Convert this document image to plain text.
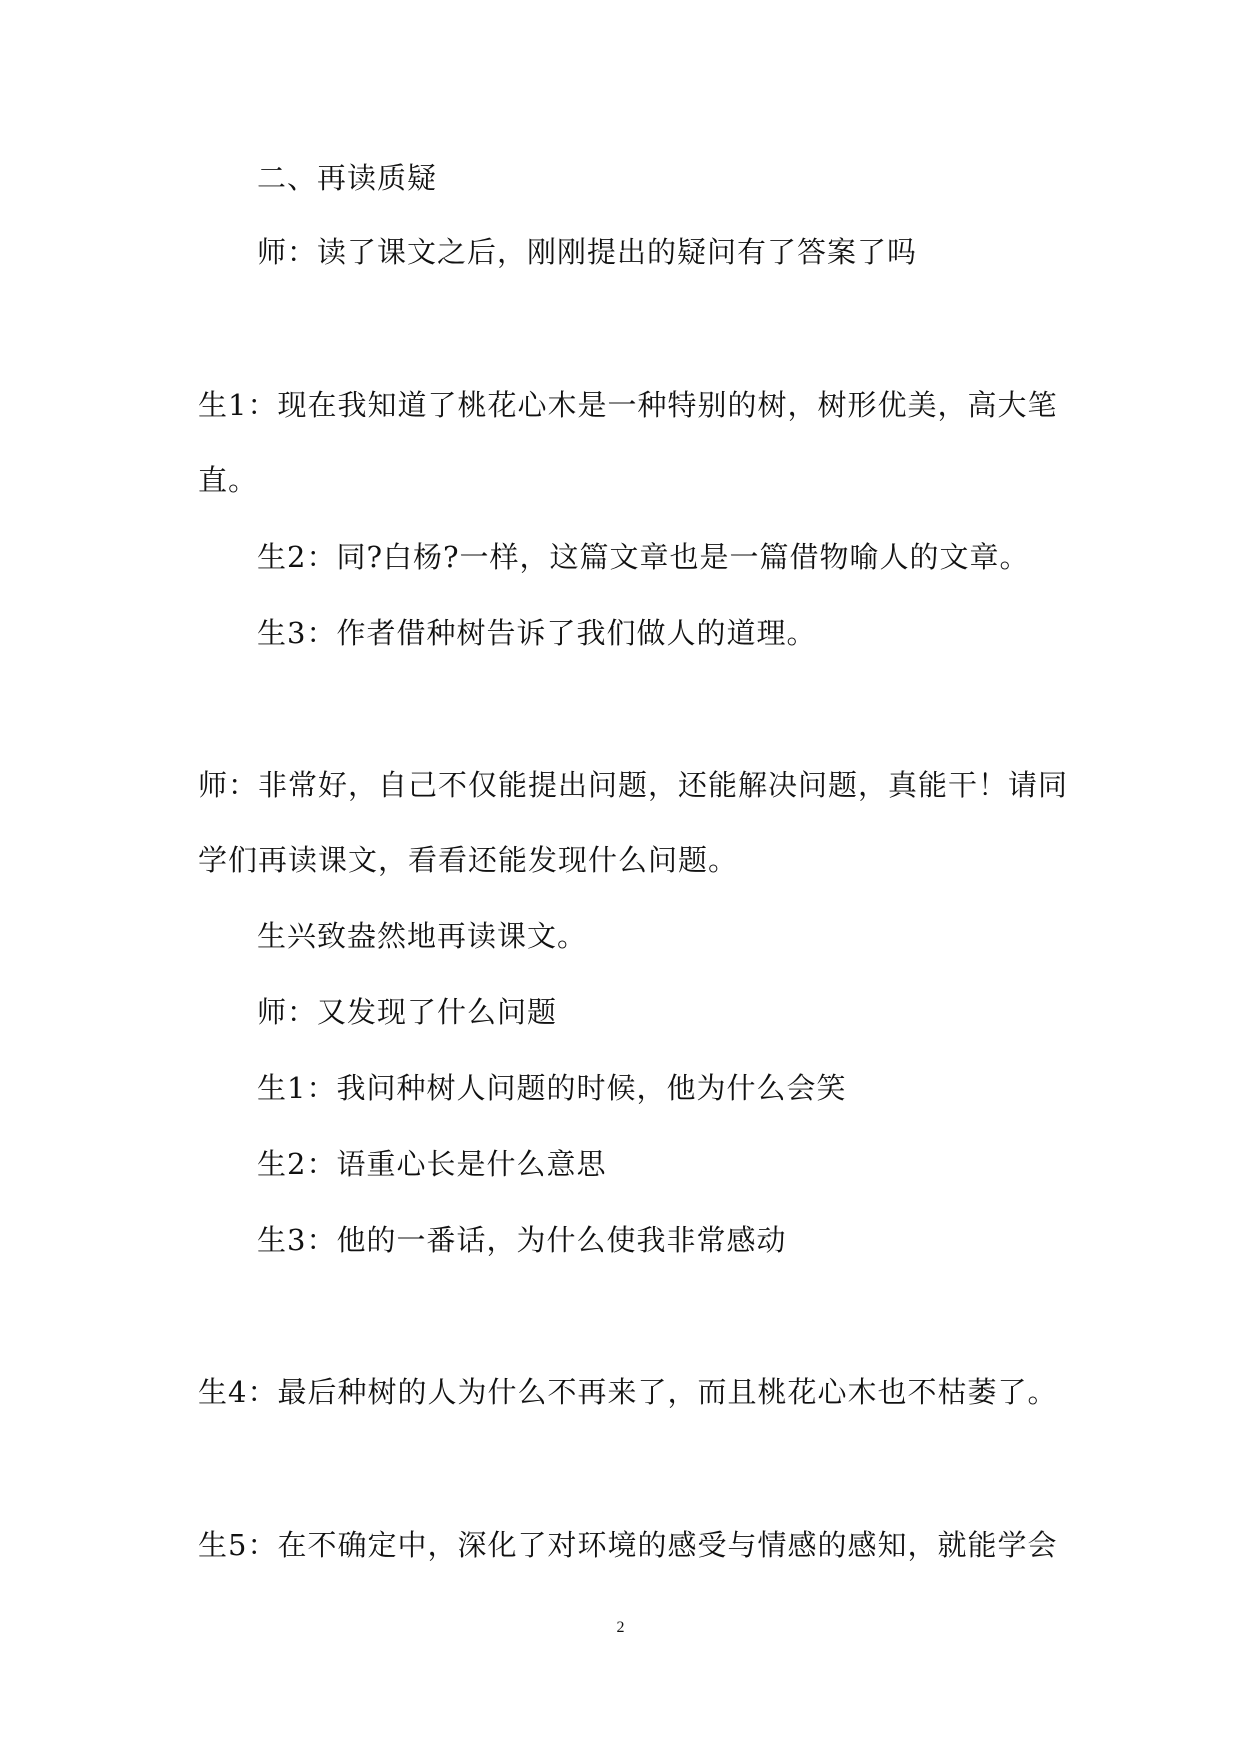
二、再读质疑
师：读了课文之后，刚刚提出的疑问有了答案了吗
生1：现在我知道了桃花心木是一种特别的树，树形优美，高大笔
直。
生2：同?白杨?一样，这篇文章也是一篇借物喻人的文章。
生3：作者借种树告诉了我们做人的道理。
师：非常好，自己不仅能提出问题，还能解决问题，真能干！请同
学们再读课文，看看还能发现什么问题。
生兴致盎然地再读课文。
师：又发现了什么问题
生1：我问种树人问题的时候，他为什么会笑
生2：语重心长是什么意思
生3：他的一番话，为什么使我非常感动
生4：最后种树的人为什么不再来了，而且桃花心木也不枯萎了。
生5：在不确定中，深化了对环境的感受与情感的感知，就能学会
2
